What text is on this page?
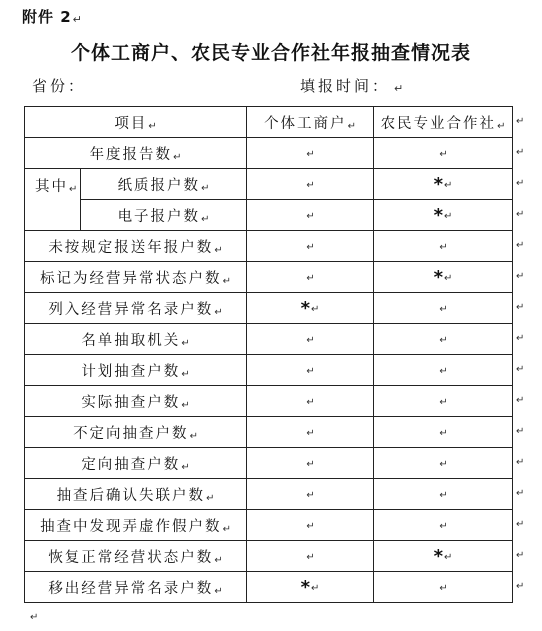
附件 2↵
个体工商户、农民专业合作社年报抽查情况表
省份：	填报时间： ↵
项目↵		个体工商户↵	农民专业合作社↵
年度报告数↵		↵	↵
其中↵	纸质报户数↵	↵	*↵
	电子报户数↵	↵	*↵
未按规定报送年报户数↵		↵	↵
标记为经营异常状态户数↵		↵	*↵
列入经营异常名录户数↵		*↵	↵
名单抽取机关↵		↵	↵
计划抽查户数↵		↵	↵
实际抽查户数↵		↵	↵
不定向抽查户数↵		↵	↵
定向抽查户数↵		↵	↵
抽查后确认失联户数↵		↵	↵
抽查中发现弄虚作假户数↵		↵	↵
恢复正常经营状态户数↵		↵	*↵
移出经营异常名录户数↵		*↵	↵
↵
↵
↵
↵
↵
↵
↵
↵
↵
↵
↵
↵
↵
↵
↵
↵
↵
